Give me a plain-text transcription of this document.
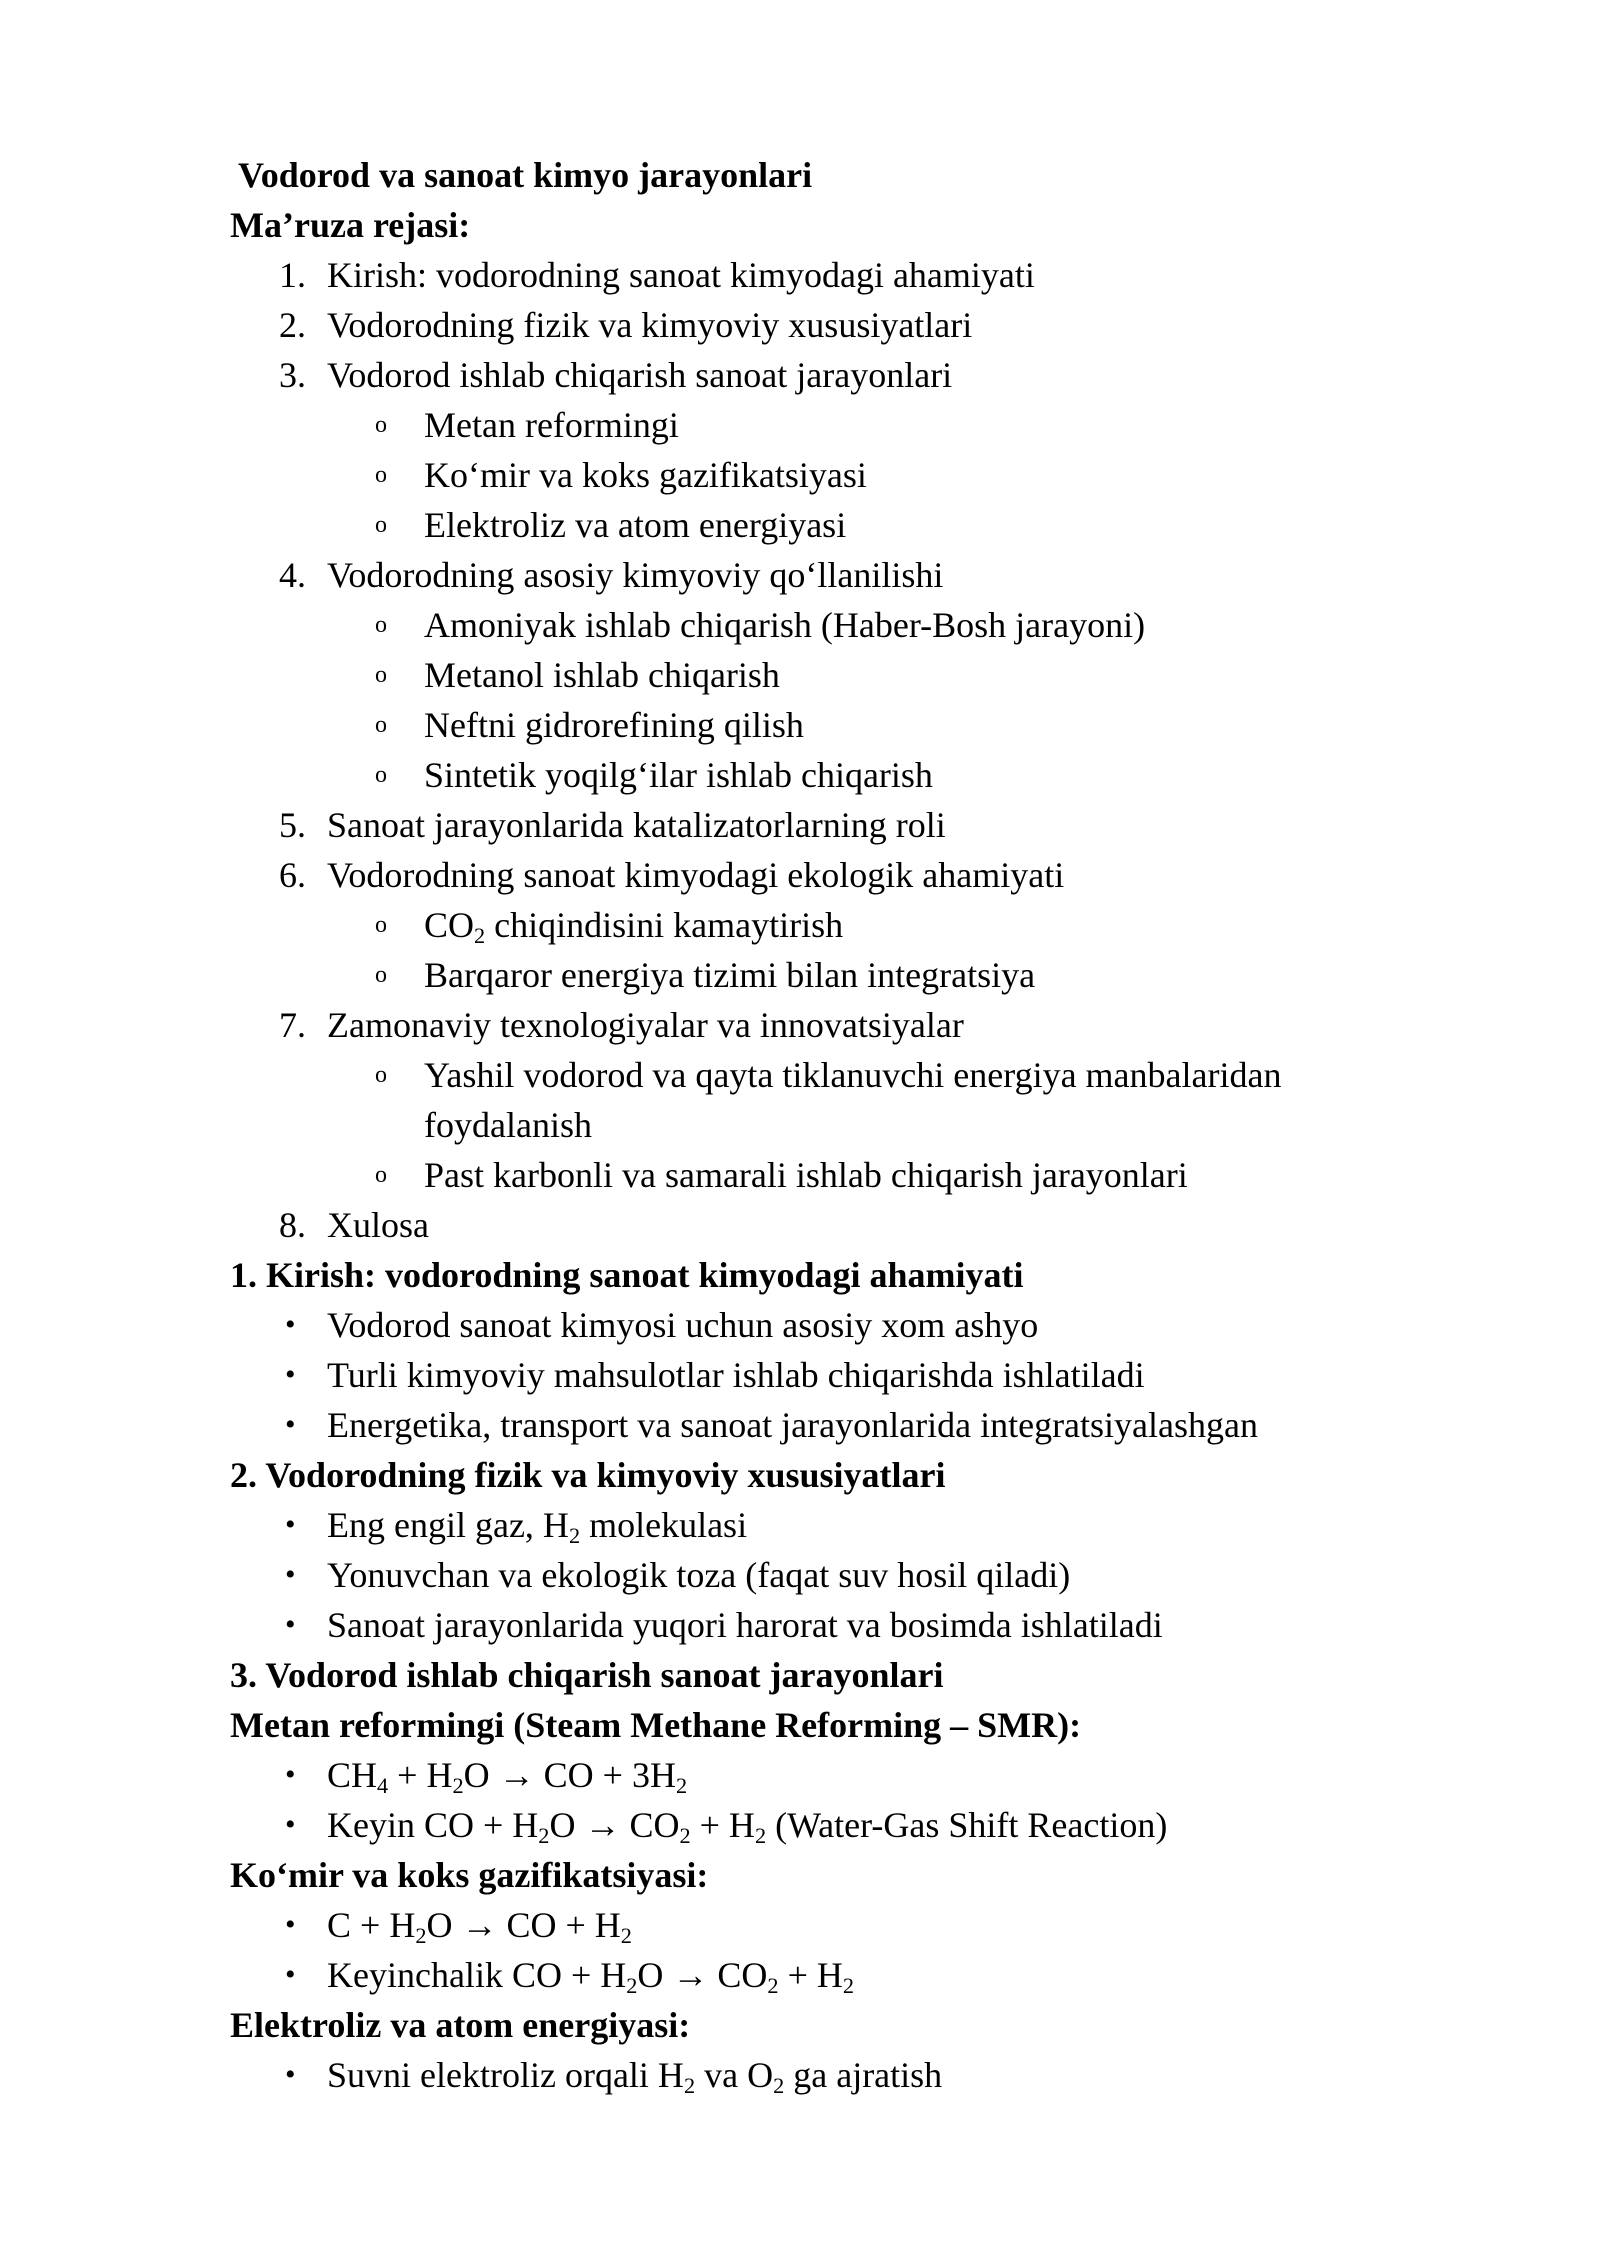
Vodorod va sanoat kimyo jarayonlari
Ma’ruza rejasi:
1. Kirish: vodorodning sanoat kimyodagi ahamiyati
2. Vodorodning fizik va kimyoviy xususiyatlari
3. Vodorod ishlab chiqarish sanoat jarayonlari
o Metan reformingi
o Ko‘mir va koks gazifikatsiyasi
o Elektroliz va atom energiyasi
4. Vodorodning asosiy kimyoviy qo‘llanilishi
o Amoniyak ishlab chiqarish (Haber-Bosh jarayoni)
o Metanol ishlab chiqarish
o Neftni gidrorefining qilish
o Sintetik yoqilg‘ilar ishlab chiqarish
5. Sanoat jarayonlarida katalizatorlarning roli
6. Vodorodning sanoat kimyodagi ekologik ahamiyati
o $CO_2$ chiqindisini kamaytirish
o Barqaror energiya tizimi bilan integratsiya
7. Zamonaviy texnologiyalar va innovatsiyalar
o Yashil vodorod va qayta tiklanuvchi energiya manbalaridan
foydalanish
o Past karbonli va samarali ishlab chiqarish jarayonlari
8. Xulosa
1. Kirish: vodorodning sanoat kimyodagi ahamiyati
• Vodorod sanoat kimyosi uchun asosiy xom ashyo
• Turli kimyoviy mahsulotlar ishlab chiqarishda ishlatiladi
• Energetika, transport va sanoat jarayonlarida integratsiyalashgan
2. Vodorodning fizik va kimyoviy xususiyatlari
• Eng engil gaz, $H_2$ molekulasi
• Yonuvchan va ekologik toza (faqat suv hosil qiladi)
• Sanoat jarayonlarida yuqori harorat va bosimda ishlatiladi
3. Vodorod ishlab chiqarish sanoat jarayonlari
Metan reformingi (Steam Methane Reforming – SMR):
• $CH_4 + H_2O$ → CO + $3H_2$
• Keyin CO + $H_2O \to CO_2 + H_2$ (Water-Gas Shift Reaction)
Ko‘mir va koks gazifikatsiyasi:
• $C + H_2O$ → CO + $H_2$
• Keyinchalik CO + $H_2O \to CO_2 + H_2$
Elektroliz va atom energiyasi:
• Suvni elektroliz orqali $H_2$ va $O_2$ ga ajratish
